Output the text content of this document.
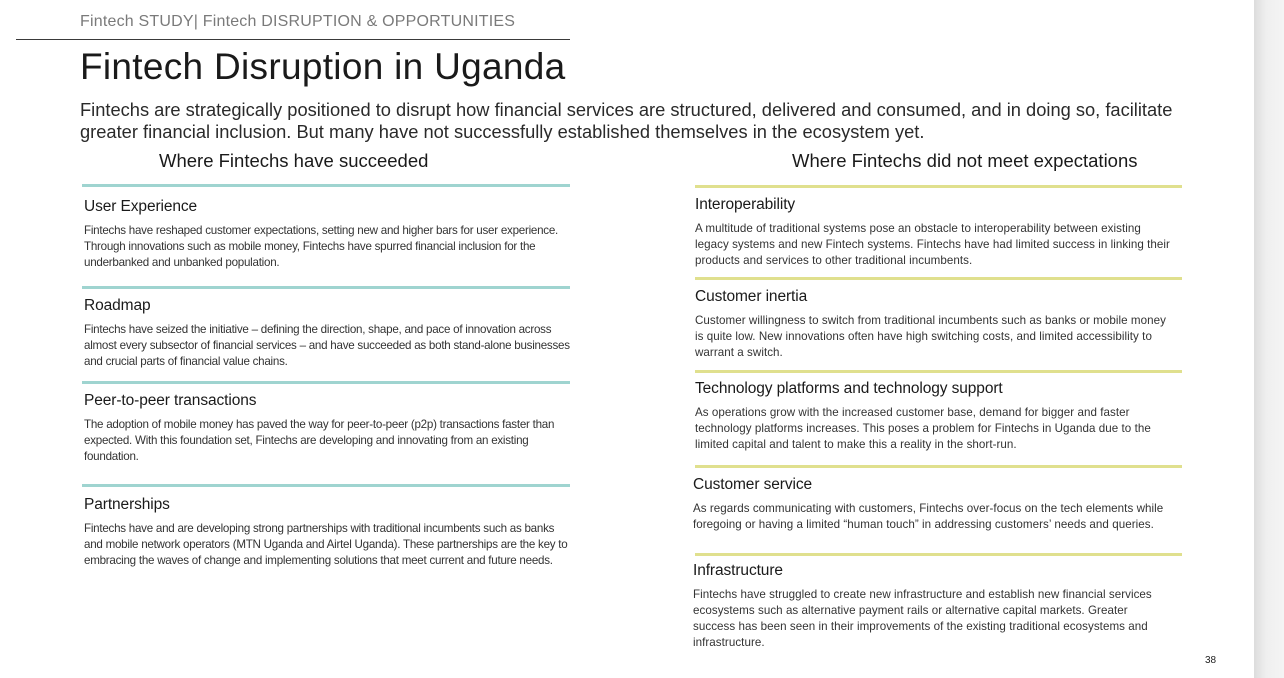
Fintech STUDY| Fintech DISRUPTION & OPPORTUNITIES
Fintech Disruption in Uganda

Fintechs are strategically positioned to disrupt how financial services are structured, delivered and consumed, and in doing so, facilitate greater financial inclusion. But many have not successfully established themselves in the ecosystem yet.

Where Fintechs have succeeded
User Experience
Fintechs have reshaped customer expectations, setting new and higher bars for user experience. Through innovations such as mobile money, Fintechs have spurred financial inclusion for the underbanked and unbanked population.
Roadmap
Fintechs have seized the initiative – defining the direction, shape, and pace of innovation across almost every subsector of financial services – and have succeeded as both stand-alone businesses and crucial parts of financial value chains.
Peer-to-peer transactions
The adoption of mobile money has paved the way for peer-to-peer (p2p) transactions faster than expected. With this foundation set, Fintechs are developing and innovating from an existing foundation.
Partnerships
Fintechs have and are developing strong partnerships with traditional incumbents such as banks and mobile network operators (MTN Uganda and Airtel Uganda). These partnerships are the key to embracing the waves of change and implementing solutions that meet current and future needs.
Where Fintechs did not meet expectations
Interoperability
A multitude of traditional systems pose an obstacle to interoperability between existing legacy systems and new Fintech systems. Fintechs have had limited success in linking their products and services to other traditional incumbents.
Customer inertia
Customer willingness to switch from traditional incumbents such as banks or mobile money is quite low. New innovations often have high switching costs, and limited accessibility to warrant a switch.
Technology platforms and technology support
As operations grow with the increased customer base, demand for bigger and faster technology platforms increases. This poses a problem for Fintechs in Uganda due to the limited capital and talent to make this a reality in the short-run.
Customer service
As regards communicating with customers, Fintechs over-focus on the tech elements while foregoing or having a limited “human touch” in addressing customers’ needs and queries.
Infrastructure
Fintechs have struggled to create new infrastructure and establish new financial services ecosystems such as alternative payment rails or alternative capital markets. Greater success has been seen in their improvements of the existing traditional ecosystems and infrastructure.
38
